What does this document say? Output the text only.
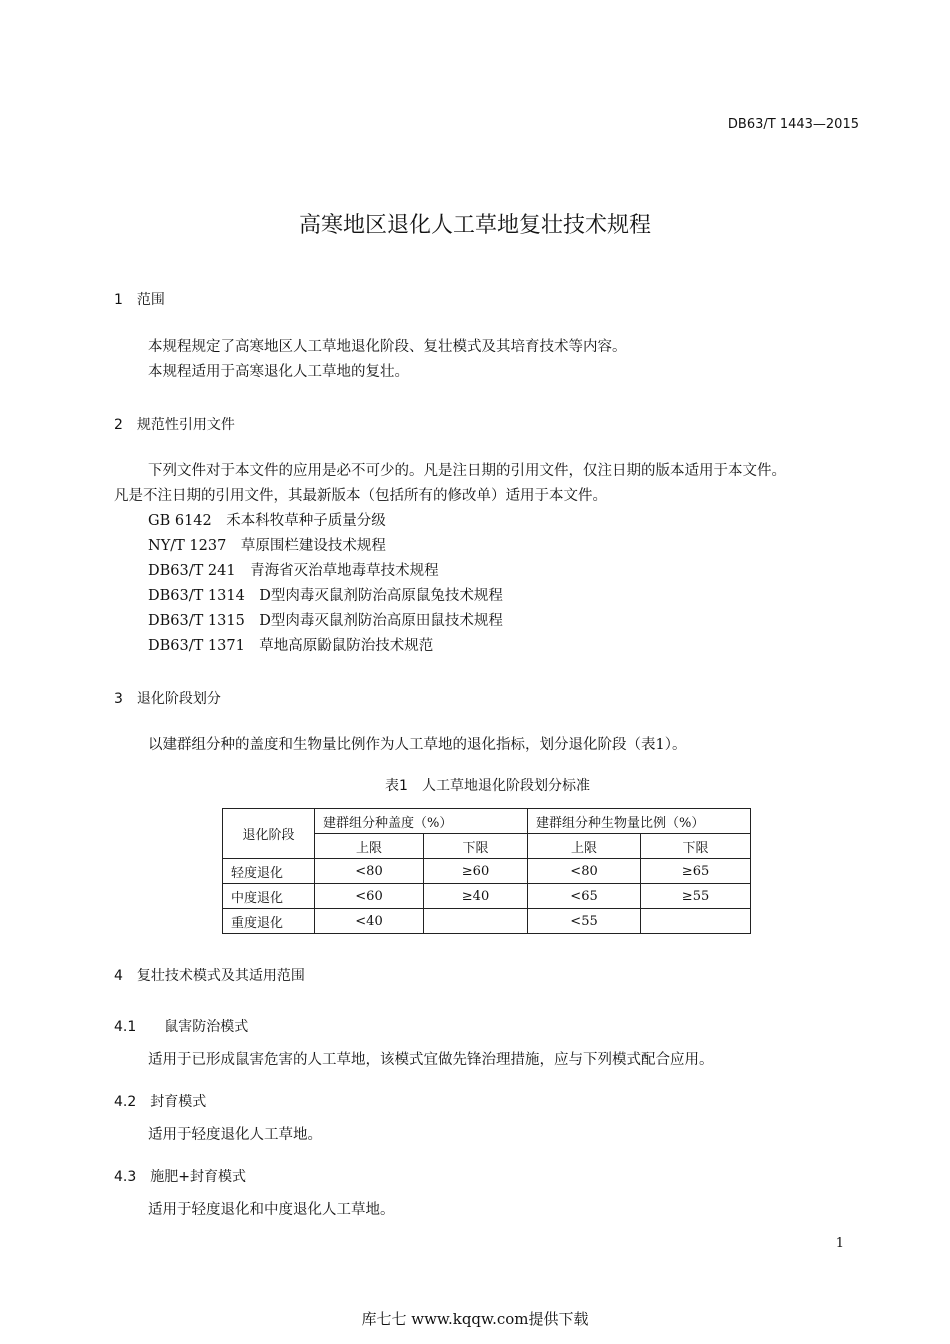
DB63/T 1443—2015
高寒地区退化人工草地复壮技术规程
1　范围
本规程规定了高寒地区人工草地退化阶段、复壮模式及其培育技术等内容。
本规程适用于高寒退化人工草地的复壮。
2　规范性引用文件
下列文件对于本文件的应用是必不可少的。凡是注日期的引用文件，仅注日期的版本适用于本文件。
凡是不注日期的引用文件，其最新版本（包括所有的修改单）适用于本文件。
GB 6142　禾本科牧草种子质量分级
NY/T 1237　草原围栏建设技术规程
DB63/T 241　青海省灭治草地毒草技术规程
DB63/T 1314　D型肉毒灭鼠剂防治高原鼠兔技术规程
DB63/T 1315　D型肉毒灭鼠剂防治高原田鼠技术规程
DB63/T 1371　草地高原鼢鼠防治技术规范
3　退化阶段划分
以建群组分种的盖度和生物量比例作为人工草地的退化指标，划分退化阶段（表1）。
表1　人工草地退化阶段划分标准
退化阶段	建群组分种盖度（%）		建群组分种生物量比例（%）	
	上限	下限	上限	下限
轻度退化	<80	≥60	<80	≥65
中度退化	<60	≥40	<65	≥55
重度退化	<40		<55	
4　复壮技术模式及其适用范围
4.1　　鼠害防治模式
适用于已形成鼠害危害的人工草地，该模式宜做先锋治理措施，应与下列模式配合应用。
4.2　封育模式
适用于轻度退化人工草地。
4.3　施肥+封育模式
适用于轻度退化和中度退化人工草地。
1
库七七 www.kqqw.com提供下载
